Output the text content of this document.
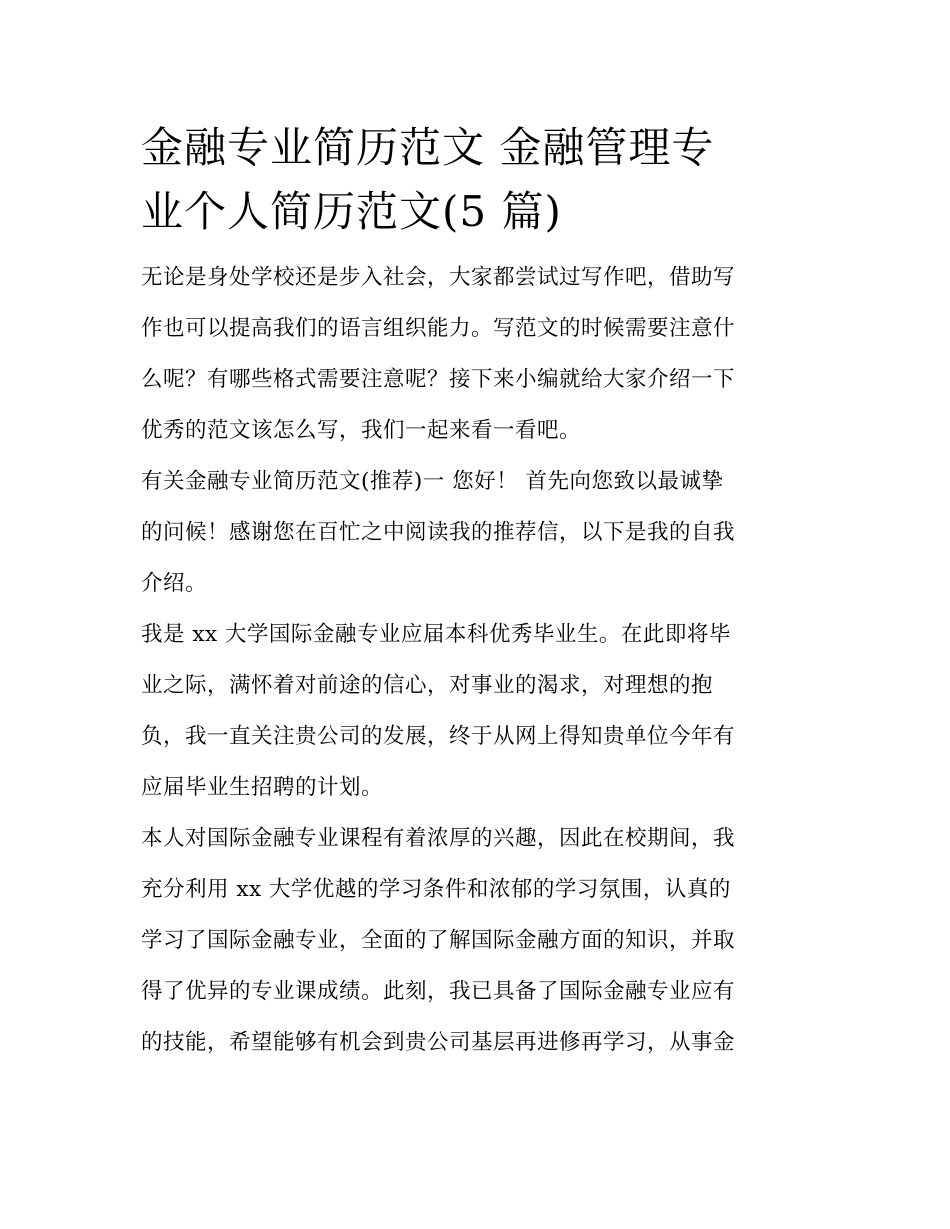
金融专业简历范文 金融管理专
业个人简历范文(5 篇)

无论是身处学校还是步入社会，大家都尝试过写作吧，借助写
作也可以提高我们的语言组织能力。写范文的时候需要注意什
么呢？有哪些格式需要注意呢？接下来小编就给大家介绍一下
优秀的范文该怎么写，我们一起来看一看吧。

有关金融专业简历范文(推荐)一 您好！ 首先向您致以最诚挚
的问候！感谢您在百忙之中阅读我的推荐信，以下是我的自我
介绍。

我是 xx 大学国际金融专业应届本科优秀毕业生。在此即将毕
业之际，满怀着对前途的信心，对事业的渴求，对理想的抱
负，我一直关注贵公司的发展，终于从网上得知贵单位今年有
应届毕业生招聘的计划。

本人对国际金融专业课程有着浓厚的兴趣，因此在校期间，我
充分利用 xx 大学优越的学习条件和浓郁的学习氛围，认真的
学习了国际金融专业，全面的了解国际金融方面的知识，并取
得了优异的专业课成绩。此刻，我已具备了国际金融专业应有
的技能，希望能够有机会到贵公司基层再进修再学习，从事金
